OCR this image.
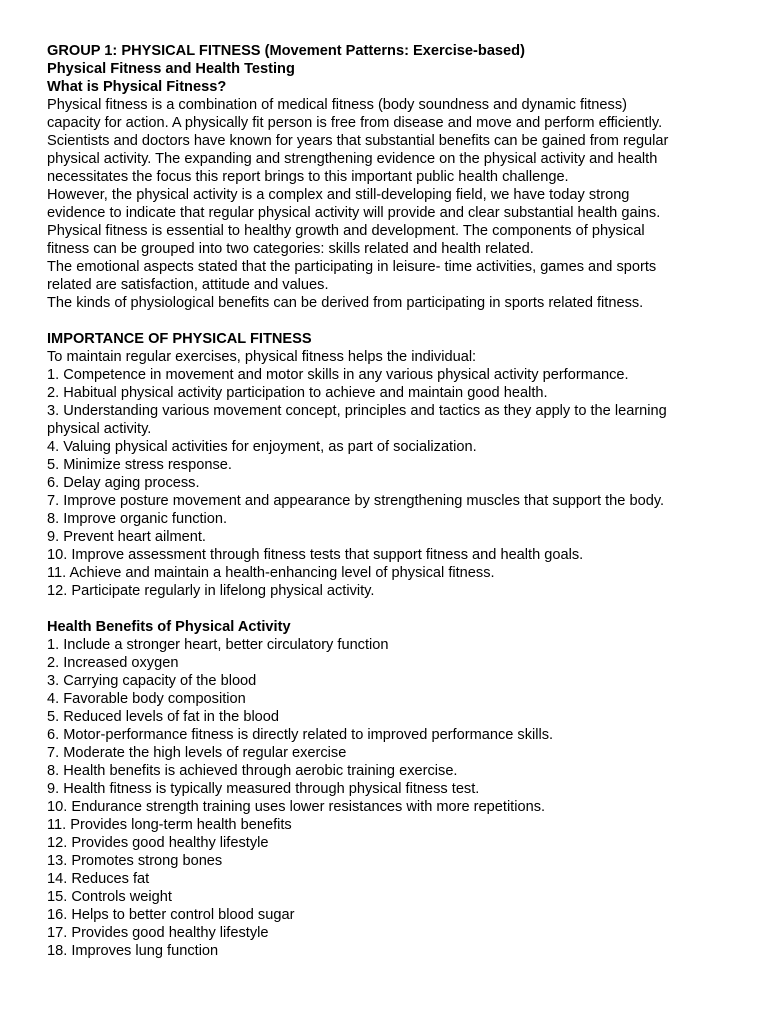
GROUP 1: PHYSICAL FITNESS (Movement Patterns: Exercise-based)
Physical Fitness and Health Testing
What is Physical Fitness?
Physical fitness is a combination of medical fitness (body soundness and dynamic fitness)
capacity for action. A physically fit person is free from disease and move and perform efficiently.
Scientists and doctors have known for years that substantial benefits can be gained from regular
physical activity. The expanding and strengthening evidence on the physical activity and health
necessitates the focus this report brings to this important public health challenge.
However, the physical activity is a complex and still-developing field, we have today strong
evidence to indicate that regular physical activity will provide and clear substantial health gains.
Physical fitness is essential to healthy growth and development. The components of physical
fitness can be grouped into two categories: skills related and health related.
The emotional aspects stated that the participating in leisure- time activities, games and sports
related are satisfaction, attitude and values.
The kinds of physiological benefits can be derived from participating in sports related fitness.
IMPORTANCE OF PHYSICAL FITNESS
To maintain regular exercises, physical fitness helps the individual:
1. Competence in movement and motor skills in any various physical activity performance.
2. Habitual physical activity participation to achieve and maintain good health.
3. Understanding various movement concept, principles and tactics as they apply to the learning
physical activity.
4. Valuing physical activities for enjoyment, as part of socialization.
5. Minimize stress response.
6. Delay aging process.
7. Improve posture movement and appearance by strengthening muscles that support the body.
8. Improve organic function.
9. Prevent heart ailment.
10. Improve assessment through fitness tests that support fitness and health goals.
11. Achieve and maintain a health-enhancing level of physical fitness.
12. Participate regularly in lifelong physical activity.
Health Benefits of Physical Activity
1. Include a stronger heart, better circulatory function
2. Increased oxygen
3. Carrying capacity of the blood
4. Favorable body composition
5. Reduced levels of fat in the blood
6. Motor-performance fitness is directly related to improved performance skills.
7. Moderate the high levels of regular exercise
8. Health benefits is achieved through aerobic training exercise.
9. Health fitness is typically measured through physical fitness test.
10. Endurance strength training uses lower resistances with more repetitions.
11. Provides long-term health benefits
12. Provides good healthy lifestyle
13. Promotes strong bones
14. Reduces fat
15. Controls weight
16. Helps to better control blood sugar
17. Provides good healthy lifestyle
18. Improves lung function
